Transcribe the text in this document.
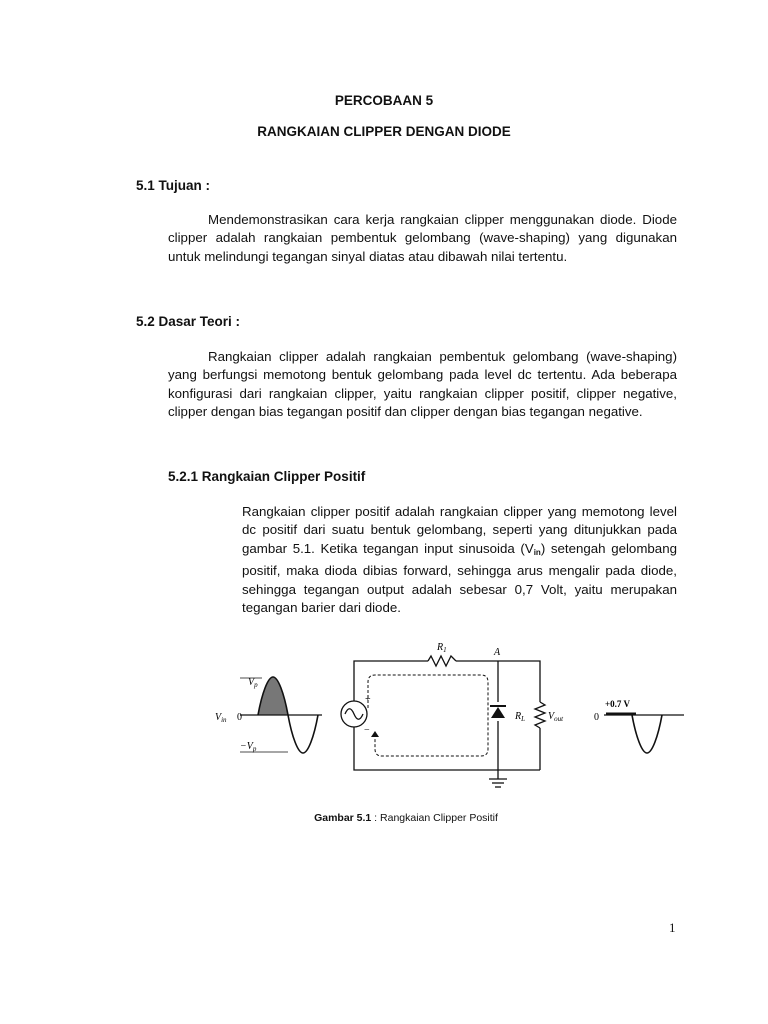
PERCOBAAN 5
RANGKAIAN CLIPPER DENGAN DIODE
5.1 Tujuan :
Mendemonstrasikan cara kerja rangkaian clipper menggunakan diode. Diode clipper adalah rangkaian pembentuk gelombang (wave-shaping) yang digunakan untuk melindungi tegangan sinyal diatas atau dibawah nilai tertentu.
5.2 Dasar Teori :
Rangkaian clipper adalah rangkaian pembentuk gelombang (wave-shaping) yang berfungsi memotong bentuk gelombang pada level dc tertentu. Ada beberapa konfigurasi dari rangkaian clipper, yaitu rangkaian clipper positif, clipper negative, clipper dengan bias tegangan positif dan clipper dengan bias tegangan negative.
5.2.1 Rangkaian Clipper Positif
Rangkaian clipper positif adalah rangkaian clipper yang memotong level dc positif dari suatu bentuk gelombang, seperti yang ditunjukkan pada gambar 5.1. Ketika tegangan input sinusoida $(V_{in})$ setengah gelombang positif, maka dioda dibias forward, sehingga arus mengalir pada diode, sehingga tegangan output adalah sebesar 0,7 Volt, yaitu merupakan tegangan barier dari diode.
$V_p$
$V_{in}$ 0
$-V_p$
$R_1$	A
+
−
$R_L$ $V_{out}$	0
+0.7 V
Gambar 5.1 : Rangkaian Clipper Positif
1
